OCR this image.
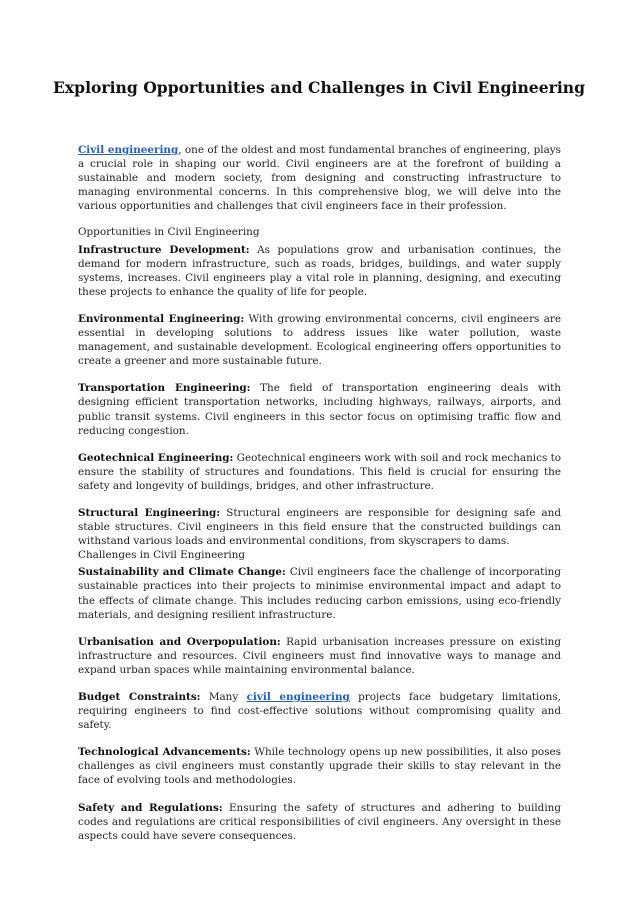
Exploring Opportunities and Challenges in Civil Engineering

Civil engineering, one of the oldest and most fundamental branches of engineering, plays a crucial role in shaping our world. Civil engineers are at the forefront of building a sustainable and modern society, from designing and constructing infrastructure to managing environmental concerns. In this comprehensive blog, we will delve into the various opportunities and challenges that civil engineers face in their profession.

Opportunities in Civil Engineering

Infrastructure Development: As populations grow and urbanisation continues, the demand for modern infrastructure, such as roads, bridges, buildings, and water supply systems, increases. Civil engineers play a vital role in planning, designing, and executing these projects to enhance the quality of life for people.

Environmental Engineering: With growing environmental concerns, civil engineers are essential in developing solutions to address issues like water pollution, waste management, and sustainable development. Ecological engineering offers opportunities to create a greener and more sustainable future.

Transportation Engineering: The field of transportation engineering deals with designing efficient transportation networks, including highways, railways, airports, and public transit systems. Civil engineers in this sector focus on optimising traffic flow and reducing congestion.

Geotechnical Engineering: Geotechnical engineers work with soil and rock mechanics to ensure the stability of structures and foundations. This field is crucial for ensuring the safety and longevity of buildings, bridges, and other infrastructure.

Structural Engineering: Structural engineers are responsible for designing safe and stable structures. Civil engineers in this field ensure that the constructed buildings can withstand various loads and environmental conditions, from skyscrapers to dams.

Challenges in Civil Engineering

Sustainability and Climate Change: Civil engineers face the challenge of incorporating sustainable practices into their projects to minimise environmental impact and adapt to the effects of climate change. This includes reducing carbon emissions, using eco-friendly materials, and designing resilient infrastructure.

Urbanisation and Overpopulation: Rapid urbanisation increases pressure on existing infrastructure and resources. Civil engineers must find innovative ways to manage and expand urban spaces while maintaining environmental balance.

Budget Constraints: Many civil engineering projects face budgetary limitations, requiring engineers to find cost-effective solutions without compromising quality and safety.

Technological Advancements: While technology opens up new possibilities, it also poses challenges as civil engineers must constantly upgrade their skills to stay relevant in the face of evolving tools and methodologies.

Safety and Regulations: Ensuring the safety of structures and adhering to building codes and regulations are critical responsibilities of civil engineers. Any oversight in these aspects could have severe consequences.
